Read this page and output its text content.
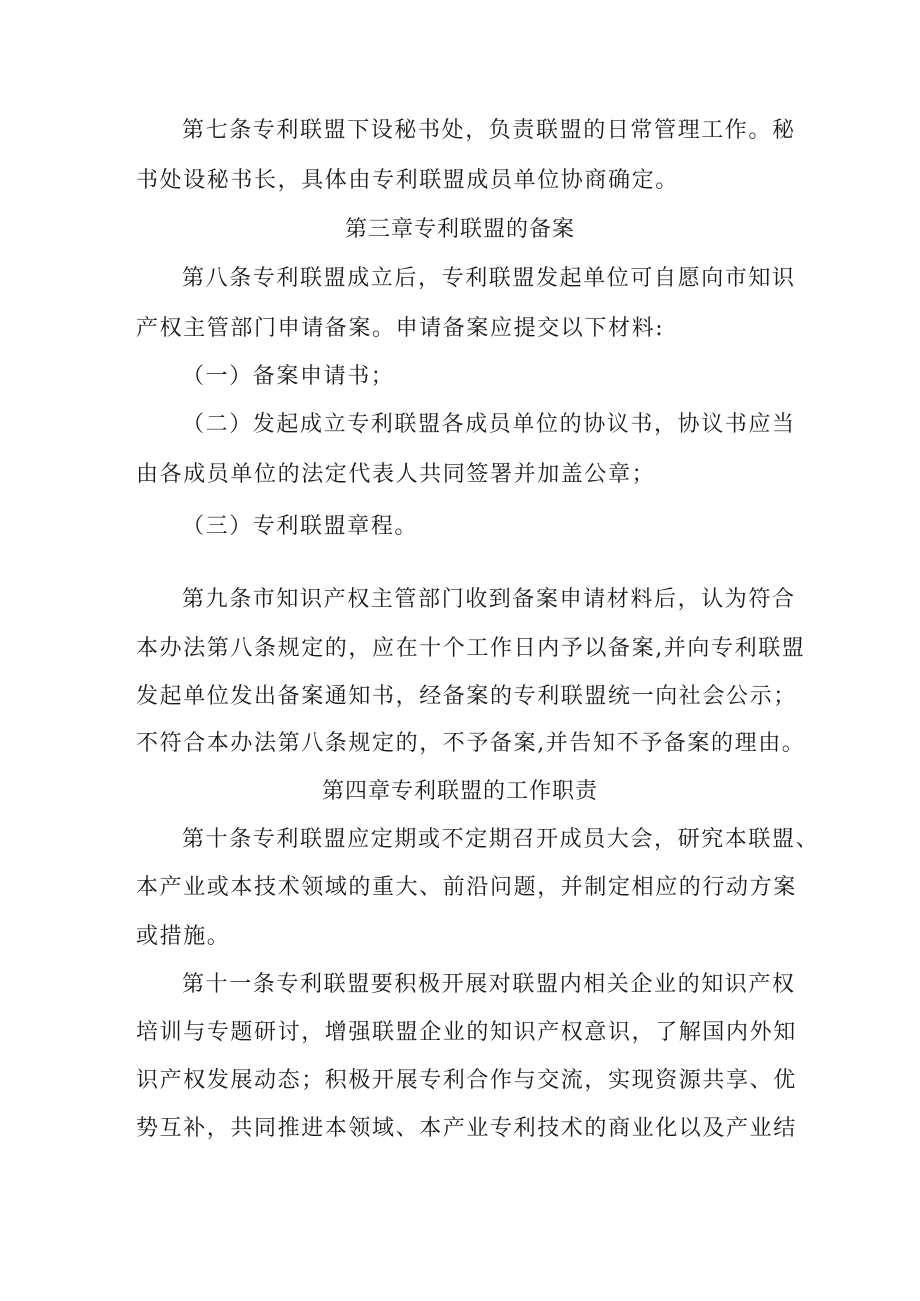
第七条专利联盟下设秘书处，负责联盟的日常管理工作。秘
书处设秘书长，具体由专利联盟成员单位协商确定。
第三章专利联盟的备案
第八条专利联盟成立后，专利联盟发起单位可自愿向市知识
产权主管部门申请备案。申请备案应提交以下材料:
（一）备案申请书；
（二）发起成立专利联盟各成员单位的协议书，协议书应当
由各成员单位的法定代表人共同签署并加盖公章；
（三）专利联盟章程。
第九条市知识产权主管部门收到备案申请材料后，认为符合
本办法第八条规定的，应在十个工作日内予以备案,并向专利联盟
发起单位发出备案通知书，经备案的专利联盟统一向社会公示；
不符合本办法第八条规定的，不予备案,并告知不予备案的理由。
第四章专利联盟的工作职责
第十条专利联盟应定期或不定期召开成员大会，研究本联盟、
本产业或本技术领域的重大、前沿问题，并制定相应的行动方案
或措施。
第十一条专利联盟要积极开展对联盟内相关企业的知识产权
培训与专题研讨，增强联盟企业的知识产权意识，了解国内外知
识产权发展动态；积极开展专利合作与交流，实现资源共享、优
势互补，共同推进本领域、本产业专利技术的商业化以及产业结
